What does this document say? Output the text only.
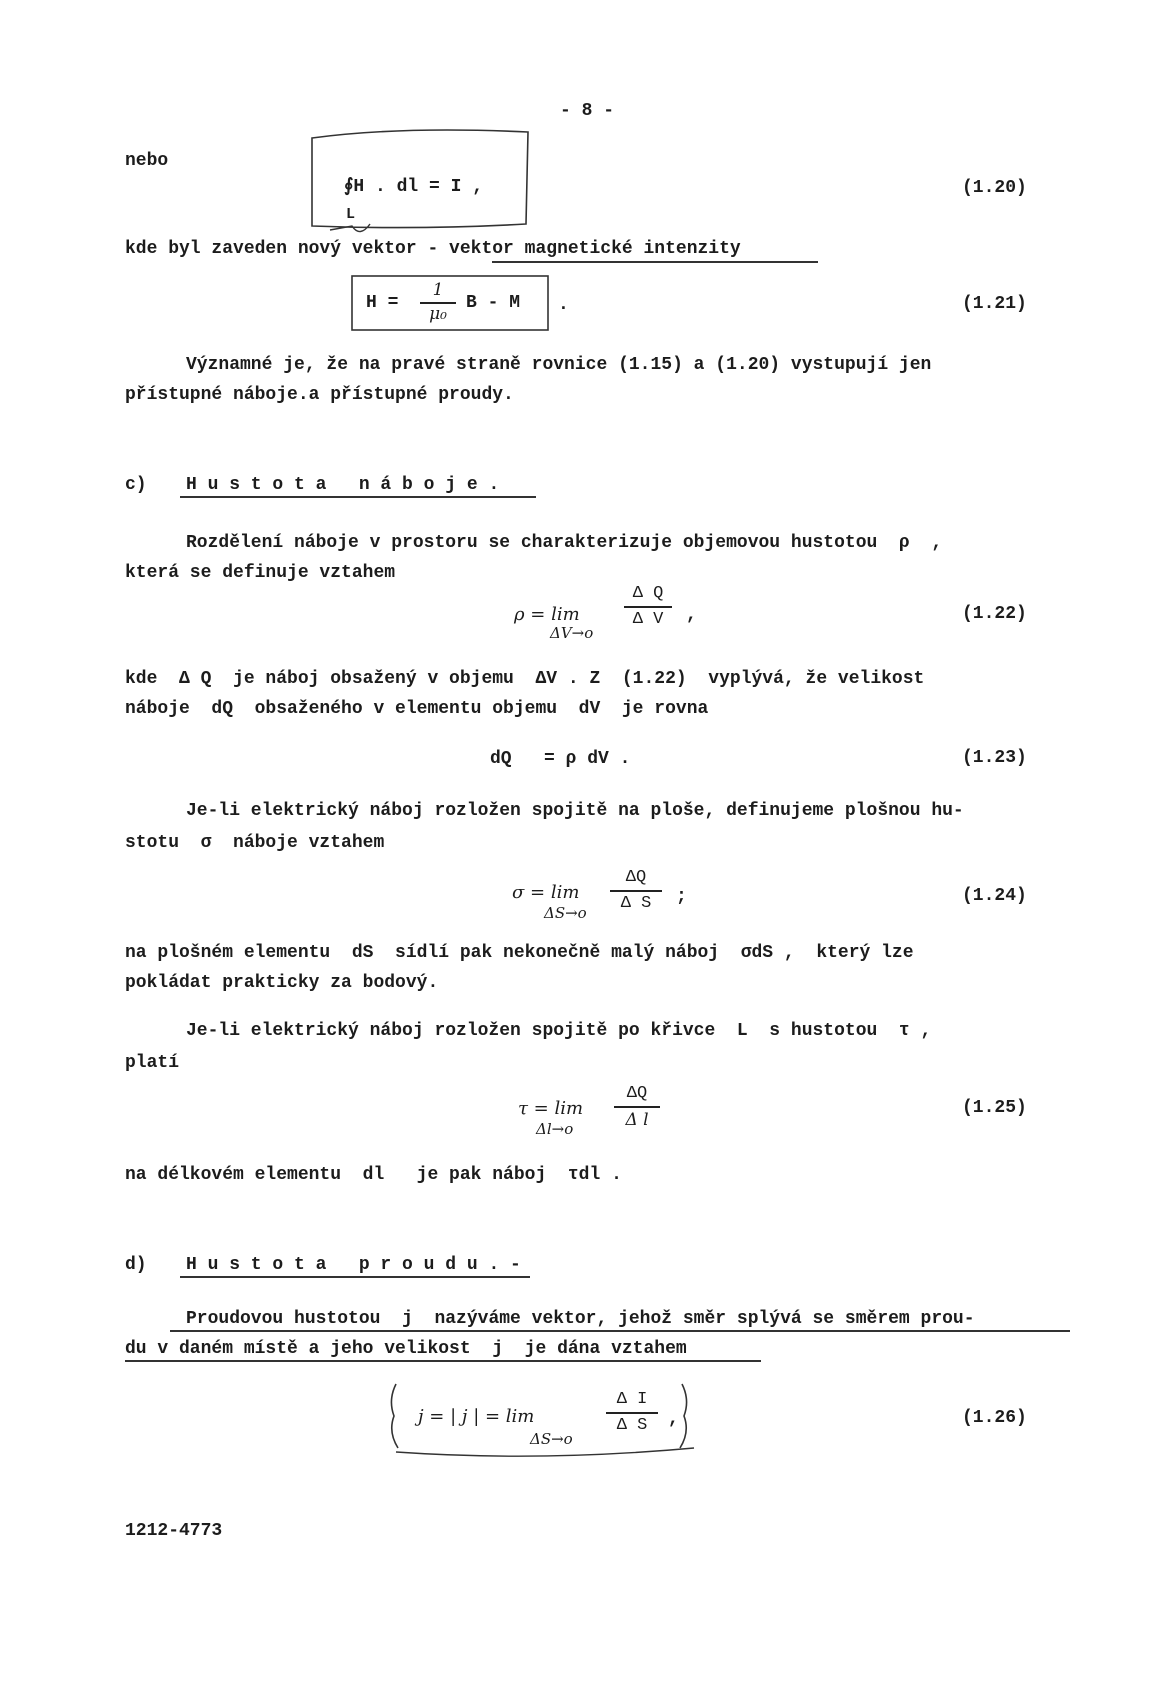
- 8 -
nebo
∮H . dl = I ,
L
(1.20)
kde byl zaveden nový vektor - vektor magnetické intenzity
H =
1
μ₀
B - M .	(1.21)
Významné je, že na pravé straně rovnice (1.15) a (1.20) vystupují jen
přístupné náboje.a přístupné proudy.
c) H u s t o t a   n á b o j e .
Rozdělení náboje v prostoru se charakterizuje objemovou hustotou  ρ  ,
která se definuje vztahem
ρ = lim
ΔV→o
Δ Q
Δ V	,	(1.22)
kde  Δ Q  je náboj obsažený v objemu  ΔV . Z  (1.22)  vyplývá, že velikost
náboje  dQ  obsaženého v elementu objemu  dV  je rovna
dQ   = ρ dV .	(1.23)
Je-li elektrický náboj rozložen spojitě na ploše, definujeme plošnou hu-
stotu  σ  náboje vztahem
σ = lim
ΔS→o
ΔQ
Δ S	;	(1.24)
na plošném elementu  dS  sídlí pak nekonečně malý náboj  σdS ,  který lze
pokládat prakticky za bodový.
Je-li elektrický náboj rozložen spojitě po křivce  L  s hustotou  τ ,
platí
τ = lim
Δl→o
ΔQ
Δ l
(1.25)
na délkovém elementu  dl   je pak náboj  τdl .
d) H u s t o t a   p r o u d u . -
Proudovou hustotou  j  nazýváme vektor, jehož směr splývá se směrem prou-
du v daném místě a jeho velikost  j  je dána vztahem
j = | j | = lim
ΔS→o
Δ I
Δ S	,	(1.26)
1212-4773
